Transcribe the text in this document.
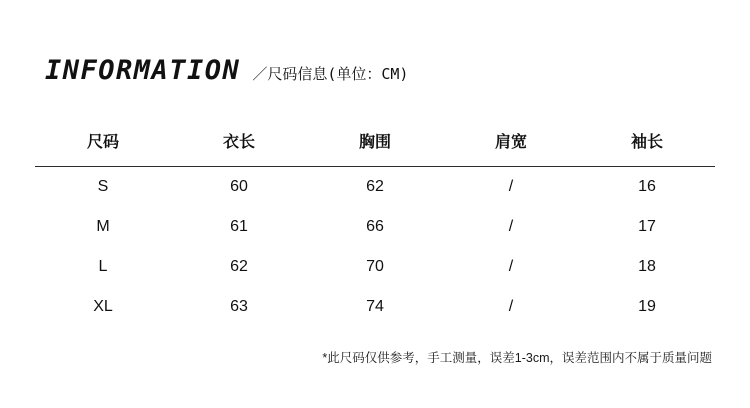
INFORMATION ／尺码信息(单位：CM)
尺码	衣长	胸围	肩宽	袖长
S	60	62	/	16
M	61	66	/	17
L	62	70	/	18
XL	63	74	/	19
*此尺码仅供参考，手工测量，误差1-3cm，误差范围内不属于质量问题
